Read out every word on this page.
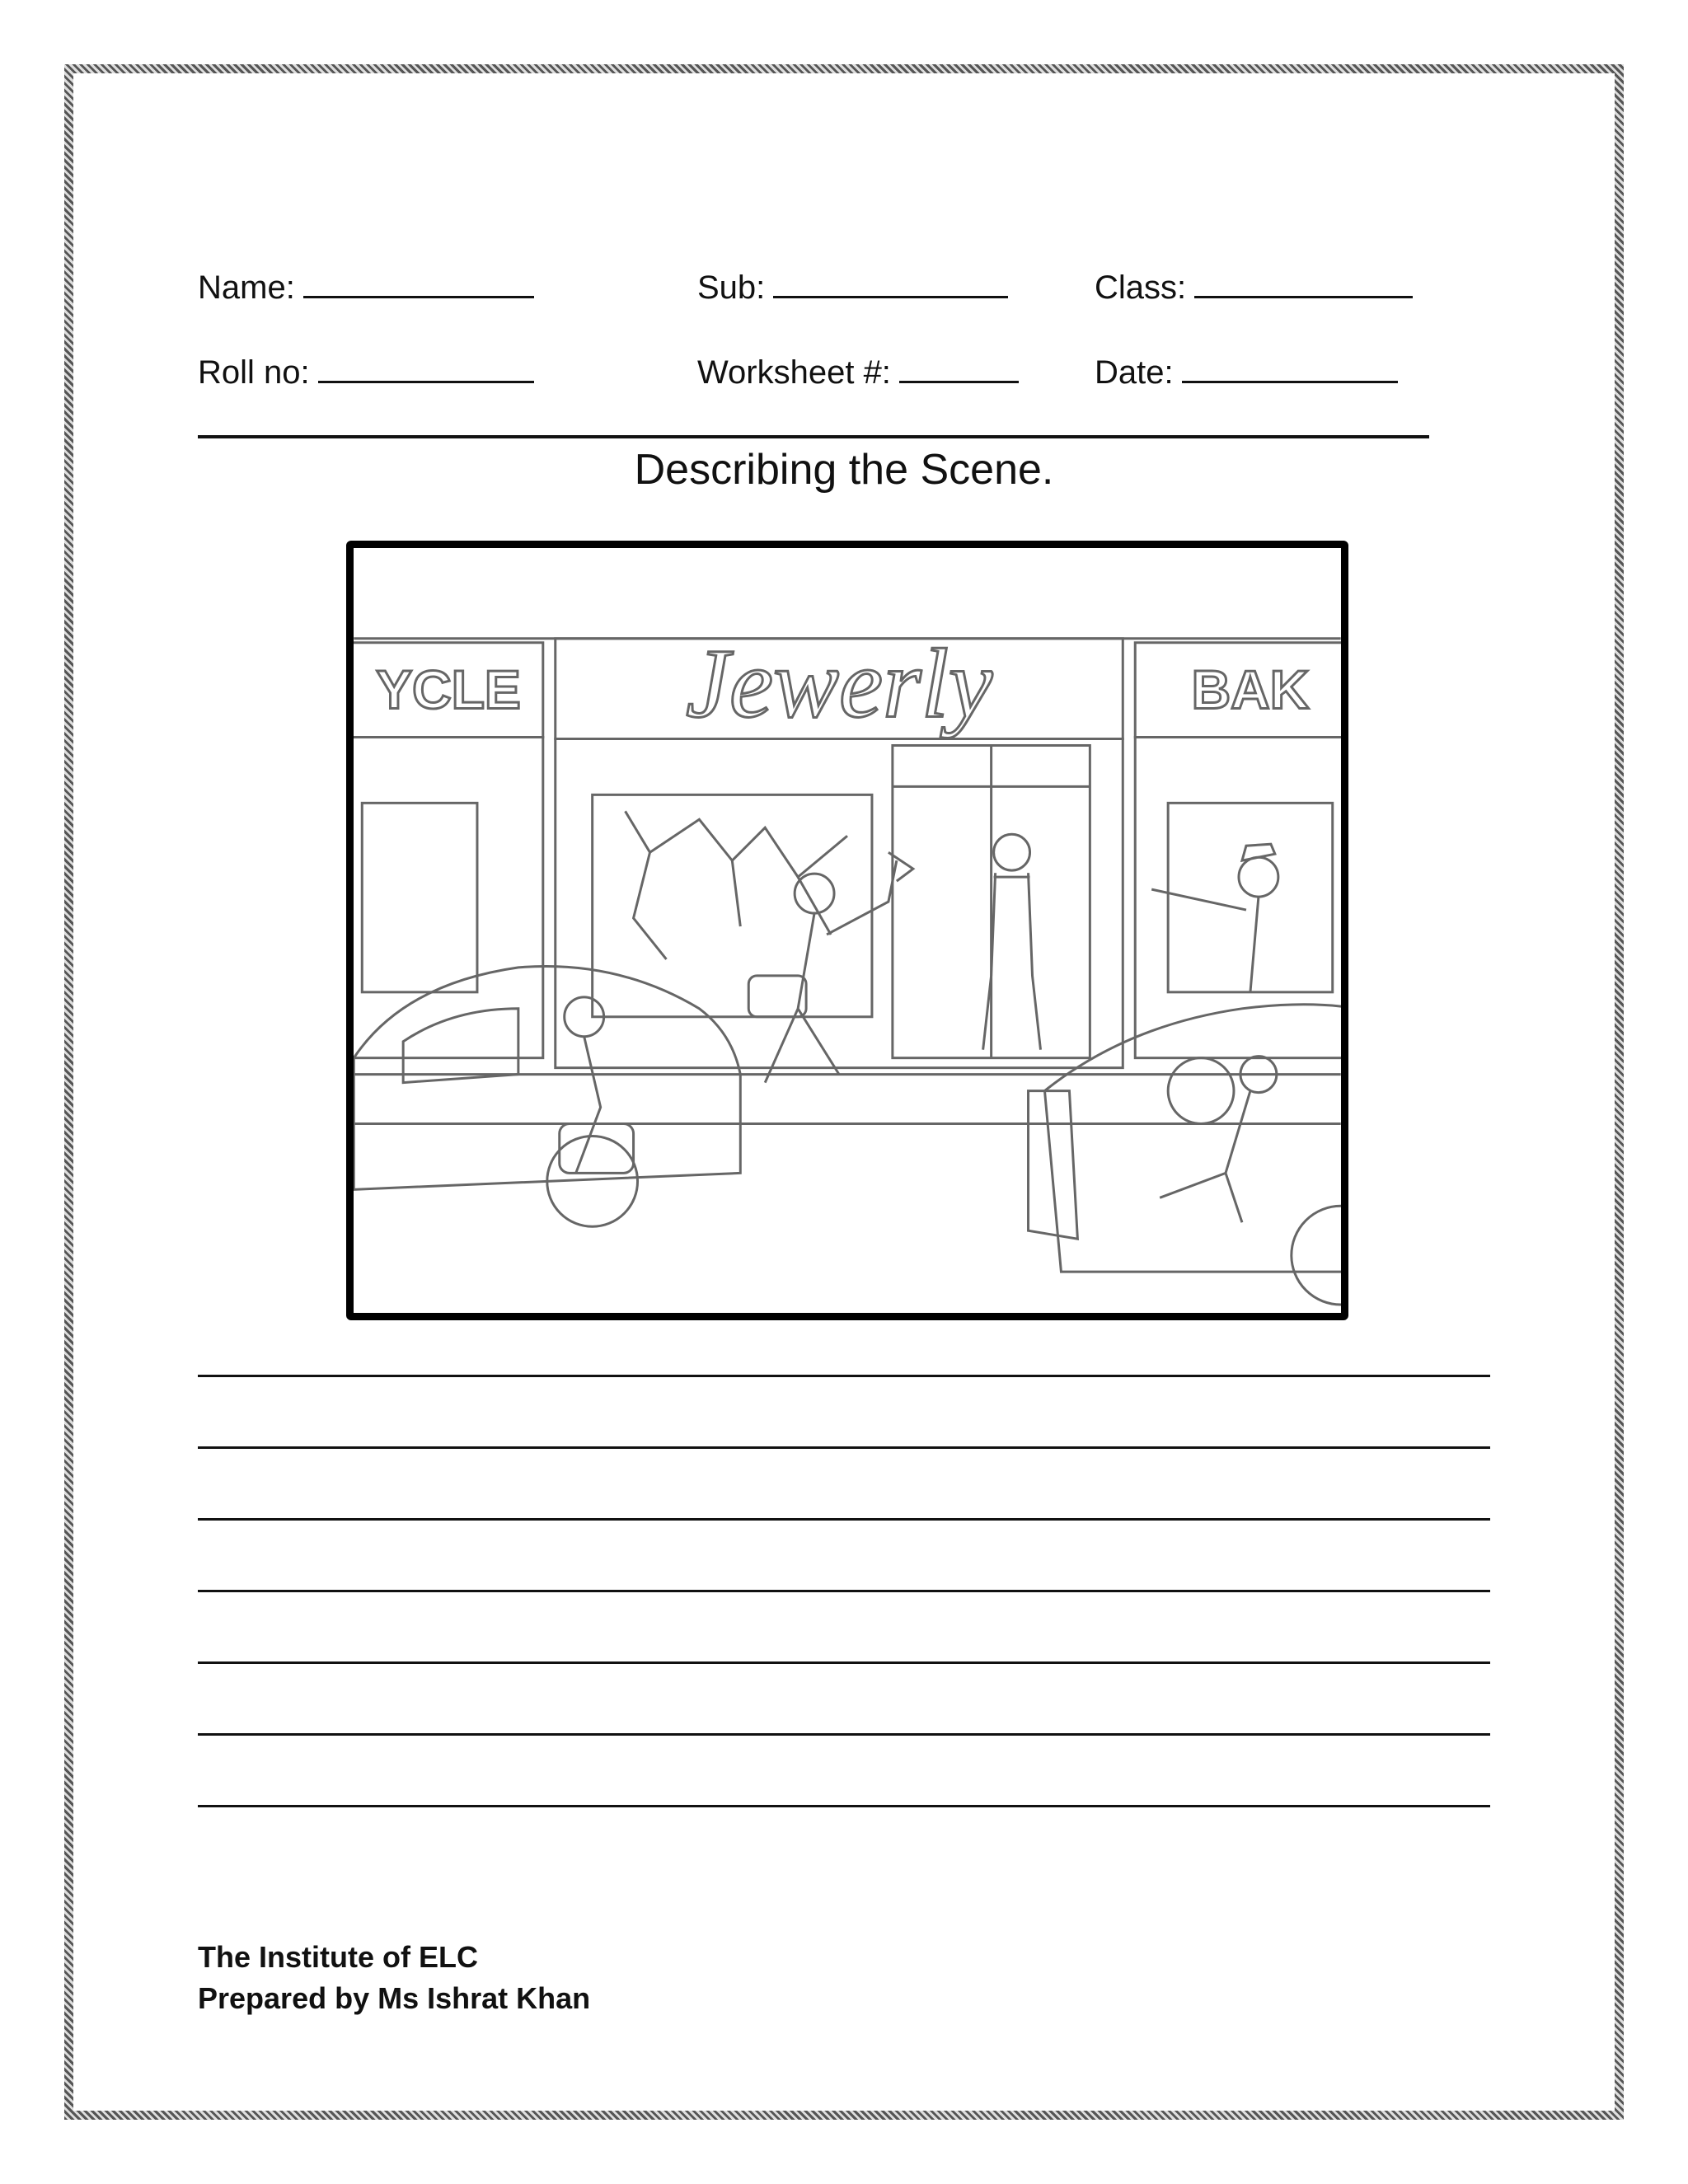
Name:	Sub:	Class:
Roll no:	Worksheet #:	Date:
Describing the Scene.
YCLE Jewerly	BAK
The Institute of ELC
Prepared by Ms Ishrat Khan
